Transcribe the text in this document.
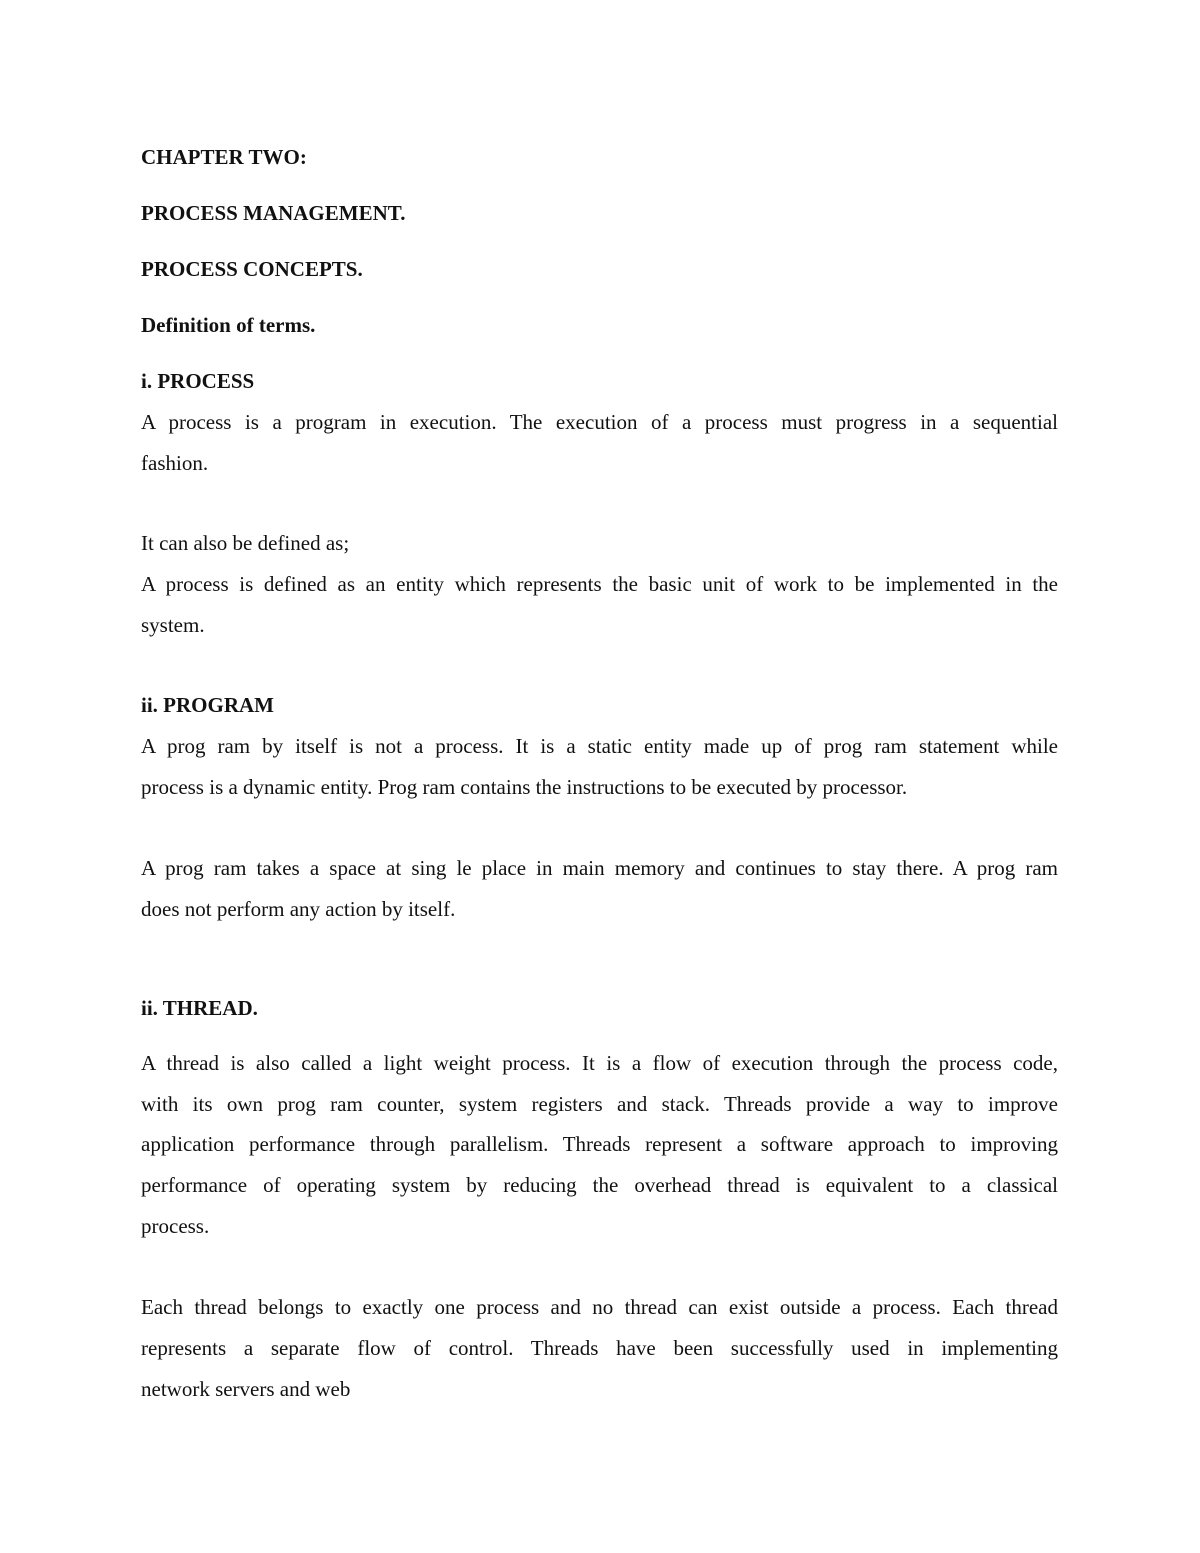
CHAPTER TWO:

PROCESS MANAGEMENT.

PROCESS CONCEPTS.

Definition of terms.

i. PROCESS

A process is a program in execution. The execution of a process must progress in a sequential

fashion.

It can also be defined as;

A process is defined as an entity which represents the basic unit of work to be implemented in the

system.

ii. PROGRAM

A prog ram by itself is not a process. It is a static entity made up of prog ram statement while

process is a dynamic entity. Prog ram contains the instructions to be executed by processor.

A prog ram takes a space at sing le place in main memory and continues to stay there. A prog ram

does not perform any action by itself.

ii. THREAD.

A thread is also called a light weight process. It is a flow of execution through the process code,

with its own prog ram counter, system registers and stack. Threads provide a way to improve

application performance through parallelism. Threads represent a software approach to improving

performance of operating system by reducing the overhead thread is equivalent to a classical

process.

Each thread belongs to exactly one process and no thread can exist outside a process. Each thread

represents a separate flow of control. Threads have been successfully used in implementing

network servers and web
